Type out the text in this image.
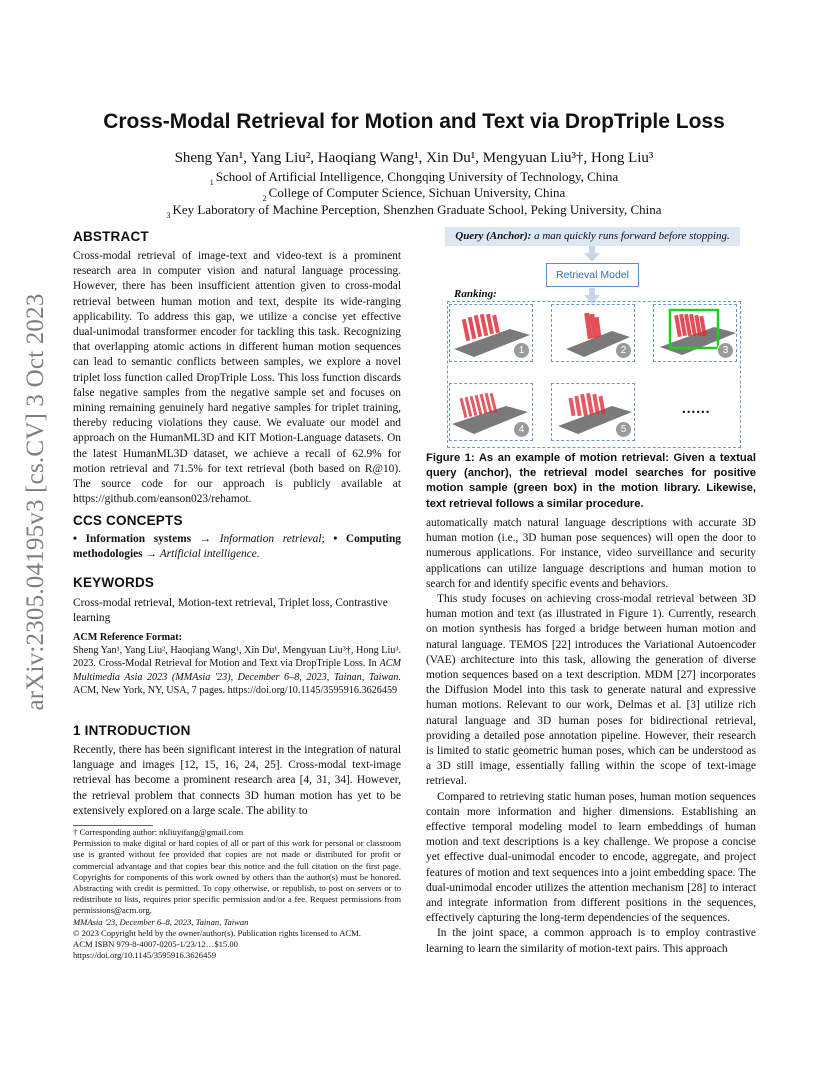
arXiv:2305.04195v3 [cs.CV] 3 Oct 2023
Cross-Modal Retrieval for Motion and Text via DropTriple Loss
Sheng Yan¹, Yang Liu², Haoqiang Wang¹, Xin Du¹, Mengyuan Liu³†, Hong Liu³
$_1$ School of Artificial Intelligence, Chongqing University of Technology, China
$_2$ College of Computer Science, Sichuan University, China
$_3$ Key Laboratory of Machine Perception, Shenzhen Graduate School, Peking University, China
ABSTRACT

Cross-modal retrieval of image-text and video-text is a prominent research area in computer vision and natural language processing. However, there has been insufficient attention given to cross-modal retrieval between human motion and text, despite its wide-ranging applicability. To address this gap, we utilize a concise yet effective dual-unimodal transformer encoder for tackling this task. Recognizing that overlapping atomic actions in different human motion sequences can lead to semantic conflicts between samples, we explore a novel triplet loss function called DropTriple Loss. This loss function discards false negative samples from the negative sample set and focuses on mining remaining genuinely hard negative samples for triplet training, thereby reducing violations they cause. We evaluate our model and approach on the HumanML3D and KIT Motion-Language datasets. On the latest HumanML3D dataset, we achieve a recall of 62.9% for motion retrieval and 71.5% for text retrieval (both based on R@10). The source code for our approach is publicly available at https://github.com/eanson023/rehamot.

CCS CONCEPTS

• Information systems → Information retrieval; • Computing methodologies → Artificial intelligence.

KEYWORDS

Cross-modal retrieval, Motion-text retrieval, Triplet loss, Contrastive learning

ACM Reference Format:
Sheng Yan¹, Yang Liu², Haoqiang Wang¹, Xin Du¹, Mengyuan Liu³†, Hong Liu³. 2023. Cross-Modal Retrieval for Motion and Text via DropTriple Loss. In ACM Multimedia Asia 2023 (MMAsia '23), December 6–8, 2023, Tainan, Taiwan. ACM, New York, NY, USA, 7 pages. https://doi.org/10.1145/3595916.3626459
1 INTRODUCTION

Recently, there has been significant interest in the integration of natural language and images [12, 15, 16, 24, 25]. Cross-modal text-image retrieval has become a prominent research area [4, 31, 34]. However, the retrieval problem that connects 3D human motion has yet to be extensively explored on a large scale. The ability to

† Corresponding author: nkliuyifang@gmail.com
Permission to make digital or hard copies of all or part of this work for personal or classroom use is granted without fee provided that copies are not made or distributed for profit or commercial advantage and that copies bear this notice and the full citation on the first page. Copyrights for components of this work owned by others than the author(s) must be honored. Abstracting with credit is permitted. To copy otherwise, or republish, to post on servers or to redistribute to lists, requires prior specific permission and/or a fee. Request permissions from permissions@acm.org.
MMAsia '23, December 6–8, 2023, Tainan, Taiwan
© 2023 Copyright held by the owner/author(s). Publication rights licensed to ACM.
ACM ISBN 979-8-4007-0205-1/23/12…$15.00
https://doi.org/10.1145/3595916.3626459
Query (Anchor): a man quickly runs forward before stopping.
Retrieval Model
Ranking:
1	2	3
4	5
......
Figure 1: As an example of motion retrieval: Given a textual query (anchor), the retrieval model searches for positive motion sample (green box) in the motion library. Likewise, text retrieval follows a similar procedure.

automatically match natural language descriptions with accurate 3D human motion (i.e., 3D human pose sequences) will open the door to numerous applications. For instance, video surveillance and security applications can utilize language descriptions and human motion to search for and identify specific events and behaviors.

This study focuses on achieving cross-modal retrieval between 3D human motion and text (as illustrated in Figure 1). Currently, research on motion synthesis has forged a bridge between human motion and natural language. TEMOS [22] introduces the Variational Autoencoder (VAE) architecture into this task, allowing the generation of diverse motion sequences based on a text description. MDM [27] incorporates the Diffusion Model into this task to generate natural and expressive human motions. Relevant to our work, Delmas et al. [3] utilize rich natural language and 3D human poses for bidirectional retrieval, providing a detailed pose annotation pipeline. However, their research is limited to static geometric human poses, which can be understood as a 3D still image, essentially falling within the scope of text-image retrieval.

Compared to retrieving static human poses, human motion sequences contain more information and higher dimensions. Establishing an effective temporal modeling model to learn embeddings of human motion and text descriptions is a key challenge. We propose a concise yet effective dual-unimodal encoder to encode, aggregate, and project features of motion and text sequences into a joint embedding space. The dual-unimodal encoder utilizes the attention mechanism [28] to interact and integrate information from different positions in the sequences, effectively capturing the long-term dependencies of the sequences.

In the joint space, a common approach is to employ contrastive learning to learn the similarity of motion-text pairs. This approach
